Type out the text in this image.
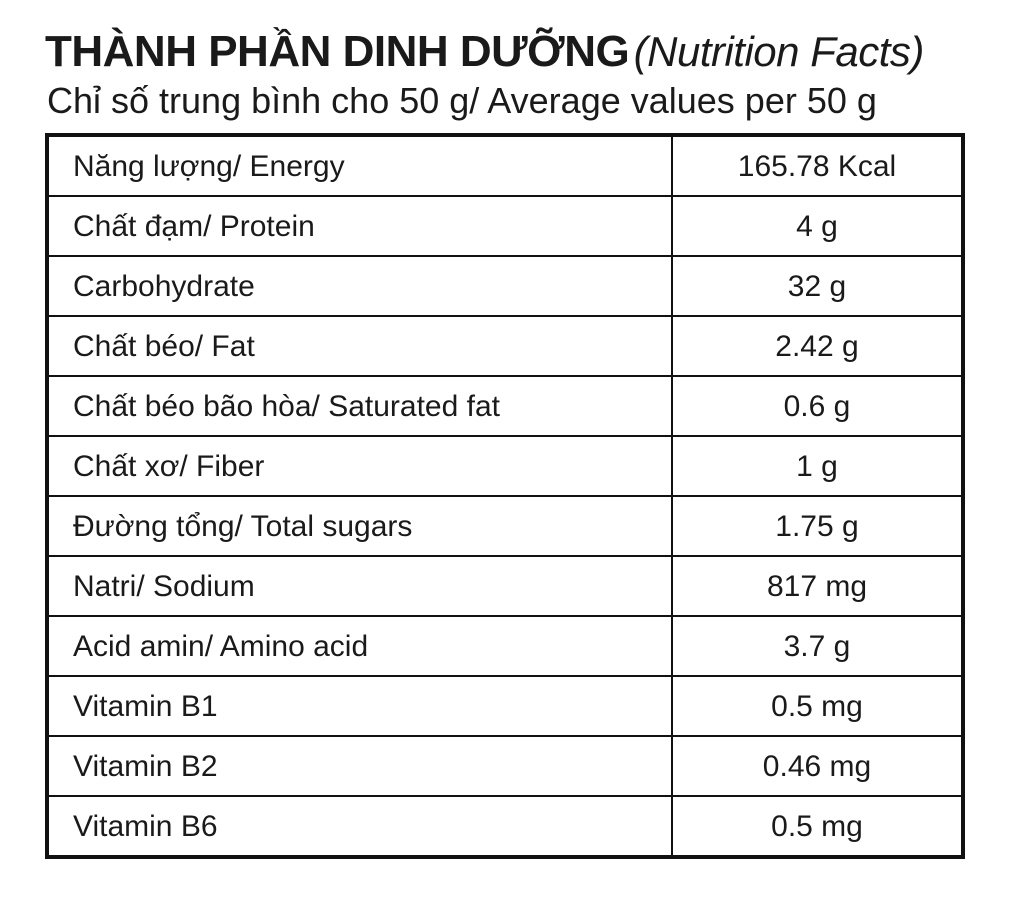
THÀNH PHẦN DINH DƯỠNG (Nutrition Facts)
Chỉ số trung bình cho 50 g/ Average values per 50 g
Năng lượng/ Energy	165.78 Kcal
Chất đạm/ Protein	4 g
Carbohydrate	32 g
Chất béo/ Fat	2.42 g
Chất béo bão hòa/ Saturated fat	0.6 g
Chất xơ/ Fiber	1 g
Đường tổng/ Total sugars	1.75 g
Natri/ Sodium	817 mg
Acid amin/ Amino acid	3.7 g
Vitamin B1	0.5 mg
Vitamin B2	0.46 mg
Vitamin B6	0.5 mg
